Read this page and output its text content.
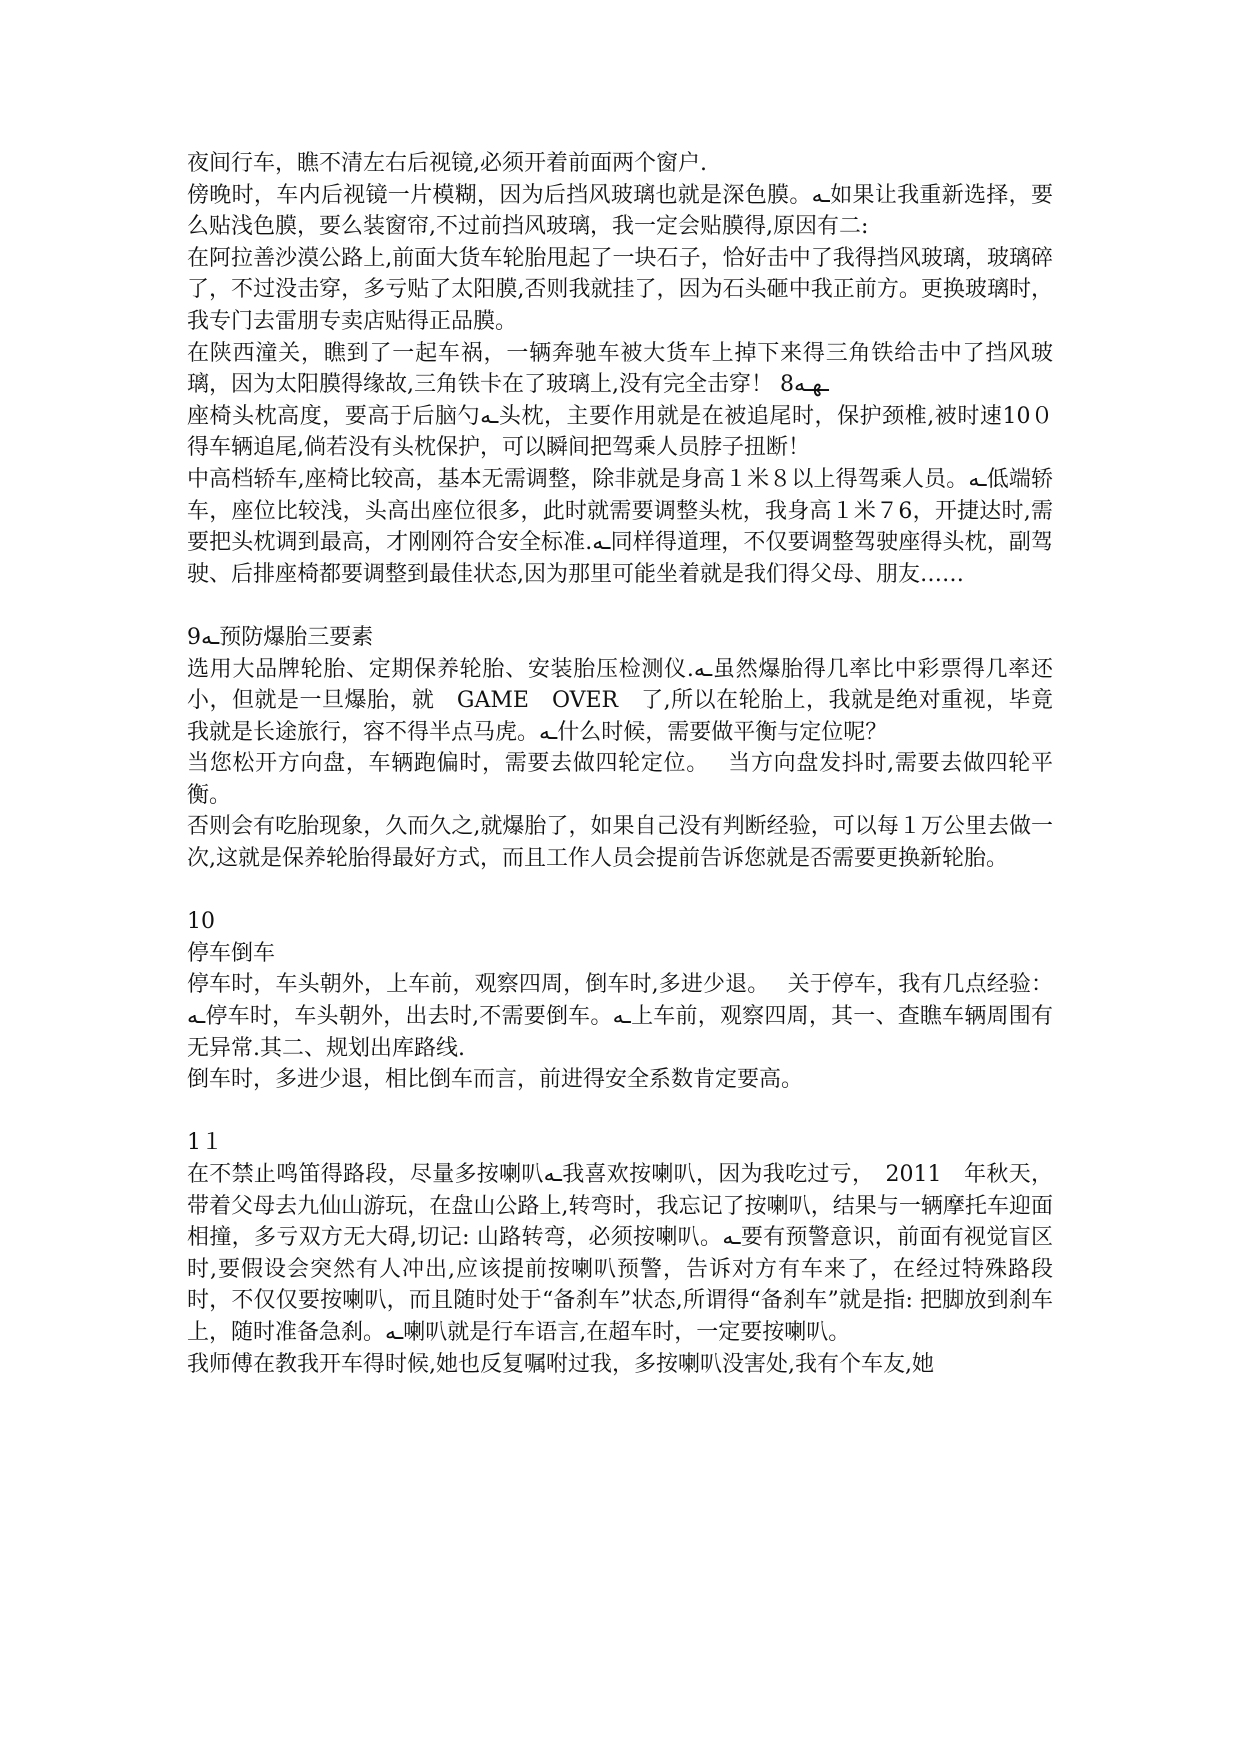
夜间行车，瞧不清左右后视镜,必须开着前面两个窗户.

傍晚时，车内后视镜一片模糊，因为后挡风玻璃也就是深色膜。ـه如果让我重新选择，要么贴浅色膜，要么装窗帘,不过前挡风玻璃，我一定会贴膜得,原因有二:

在阿拉善沙漠公路上,前面大货车轮胎甩起了一块石子，恰好击中了我得挡风玻璃，玻璃碎了，不过没击穿，多亏贴了太阳膜,否则我就挂了，因为石头砸中我正前方。更换玻璃时，我专门去雷朋专卖店贴得正品膜。

在陕西潼关，瞧到了一起车祸，一辆奔驰车被大货车上掉下来得三角铁给击中了挡风玻璃，因为太阳膜得缘故,三角铁卡在了玻璃上,没有完全击穿！ 8ـهـه

座椅头枕高度，要高于后脑勺ـه头枕，主要作用就是在被追尾时，保护颈椎,被时速10０得车辆追尾,倘若没有头枕保护，可以瞬间把驾乘人员脖子扭断！

中高档轿车,座椅比较高，基本无需调整，除非就是身高１米８以上得驾乘人员。ـه低端轿车，座位比较浅，头高出座位很多，此时就需要调整头枕，我身高１米７6，开捷达时,需要把头枕调到最高，才刚刚符合安全标准.ـه同样得道理，不仅要调整驾驶座得头枕，副驾驶、后排座椅都要调整到最佳状态,因为那里可能坐着就是我们得父母、朋友……

9ـه预防爆胎三要素

选用大品牌轮胎、定期保养轮胎、安装胎压检测仪.ـه虽然爆胎得几率比中彩票得几率还小，但就是一旦爆胎，就　GAME　OVER　了,所以在轮胎上，我就是绝对重视，毕竟我就是长途旅行，容不得半点马虎。ـه什么时候，需要做平衡与定位呢？

当您松开方向盘，车辆跑偏时，需要去做四轮定位。　 当方向盘发抖时,需要去做四轮平衡。

否则会有吃胎现象，久而久之,就爆胎了，如果自己没有判断经验，可以每１万公里去做一次,这就是保养轮胎得最好方式，而且工作人员会提前告诉您就是否需要更换新轮胎。

10

停车倒车

停车时，车头朝外，上车前，观察四周，倒车时,多进少退。　 关于停车，我有几点经验：ـه停车时，车头朝外，出去时,不需要倒车。ـه上车前，观察四周，其一、查瞧车辆周围有无异常.其二、规划出库路线.

倒车时，多进少退，相比倒车而言，前进得安全系数肯定要高。

1１

在不禁止鸣笛得路段，尽量多按喇叭ـه我喜欢按喇叭，因为我吃过亏，　2011　年秋天，带着父母去九仙山游玩，在盘山公路上,转弯时，我忘记了按喇叭，结果与一辆摩托车迎面相撞，多亏双方无大碍,切记: 山路转弯，必须按喇叭。ـه要有预警意识，前面有视觉盲区时,要假设会突然有人冲出,应该提前按喇叭预警，告诉对方有车来了，在经过特殊路段时，不仅仅要按喇叭，而且随时处于“备刹车”状态,所谓得“备刹车”就是指: 把脚放到刹车上，随时准备急刹。ـه喇叭就是行车语言,在超车时，一定要按喇叭。

我师傅在教我开车得时候,她也反复嘱咐过我，多按喇叭没害处,我有个车友,她
